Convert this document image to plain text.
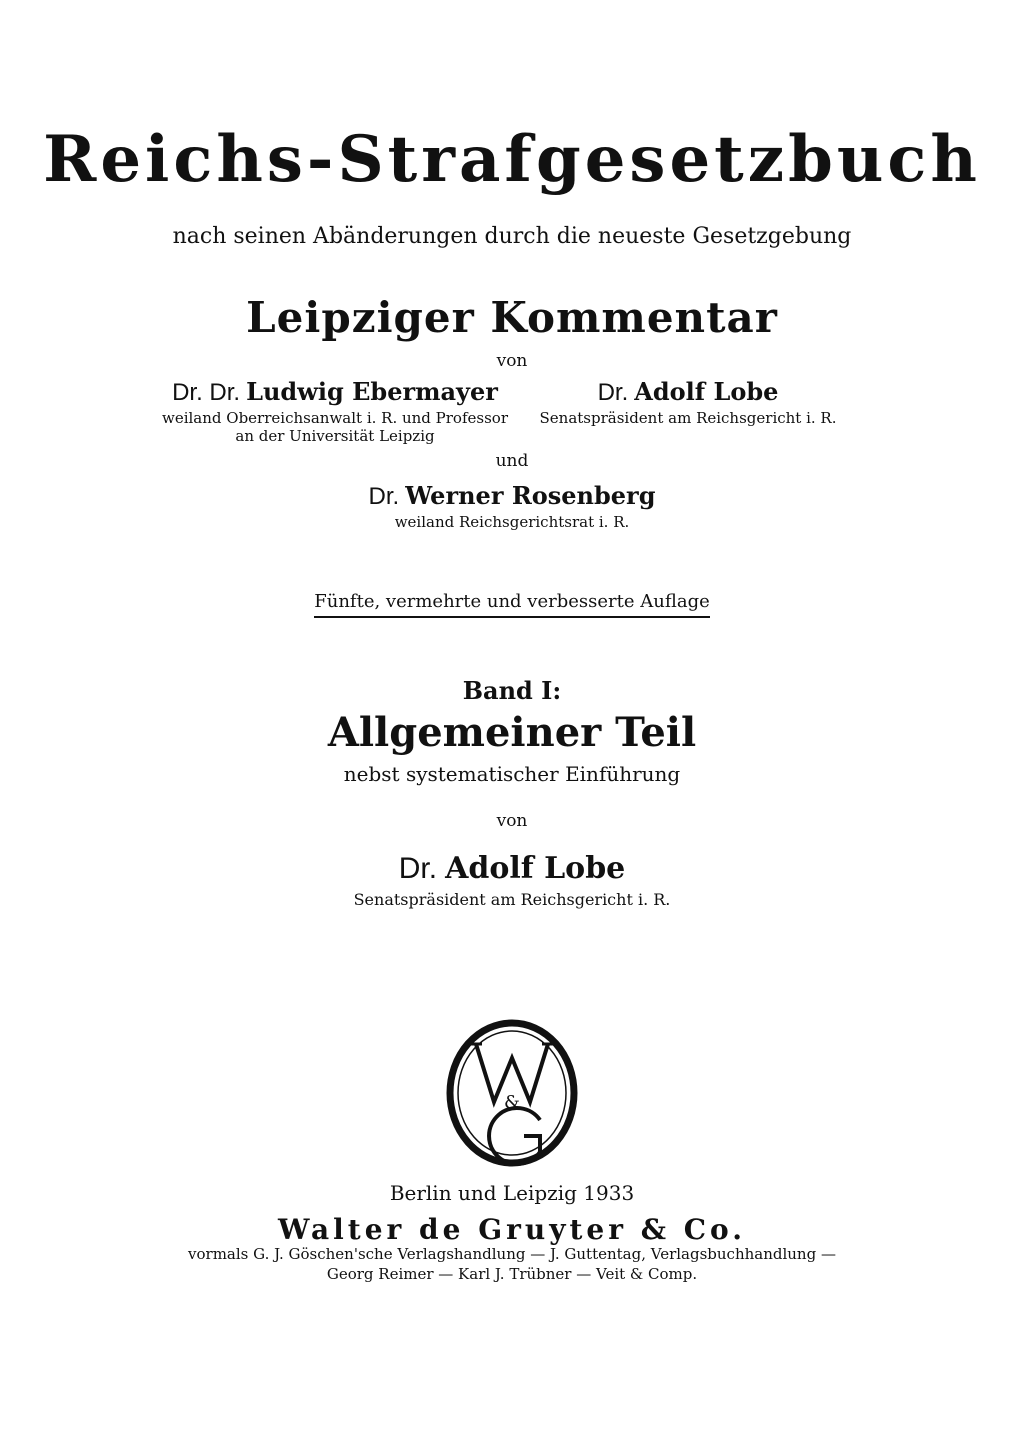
Reichs-Strafgesetzbuch
nach seinen Abänderungen durch die neueste Gesetzgebung
Leipziger Kommentar
von
Dr. Dr. Ludwig Ebermayer
weiland Oberreichsanwalt i. R. und Professor
an der Universität Leipzig
Dr. Adolf Lobe
Senatspräsident am Reichsgericht i. R.
und
Dr. Werner Rosenberg
weiland Reichsgerichtsrat i. R.
Fünfte, vermehrte und verbesserte Auflage
Band I:
Allgemeiner Teil
nebst systematischer Einführung
von
Dr. Adolf Lobe
Senatspräsident am Reichsgericht i. R.
&
Berlin und Leipzig 1933
Walter de Gruyter & Co.
vormals G. J. Göschen'sche Verlagshandlung — J. Guttentag, Verlagsbuchhandlung —
Georg Reimer — Karl J. Trübner — Veit & Comp.
